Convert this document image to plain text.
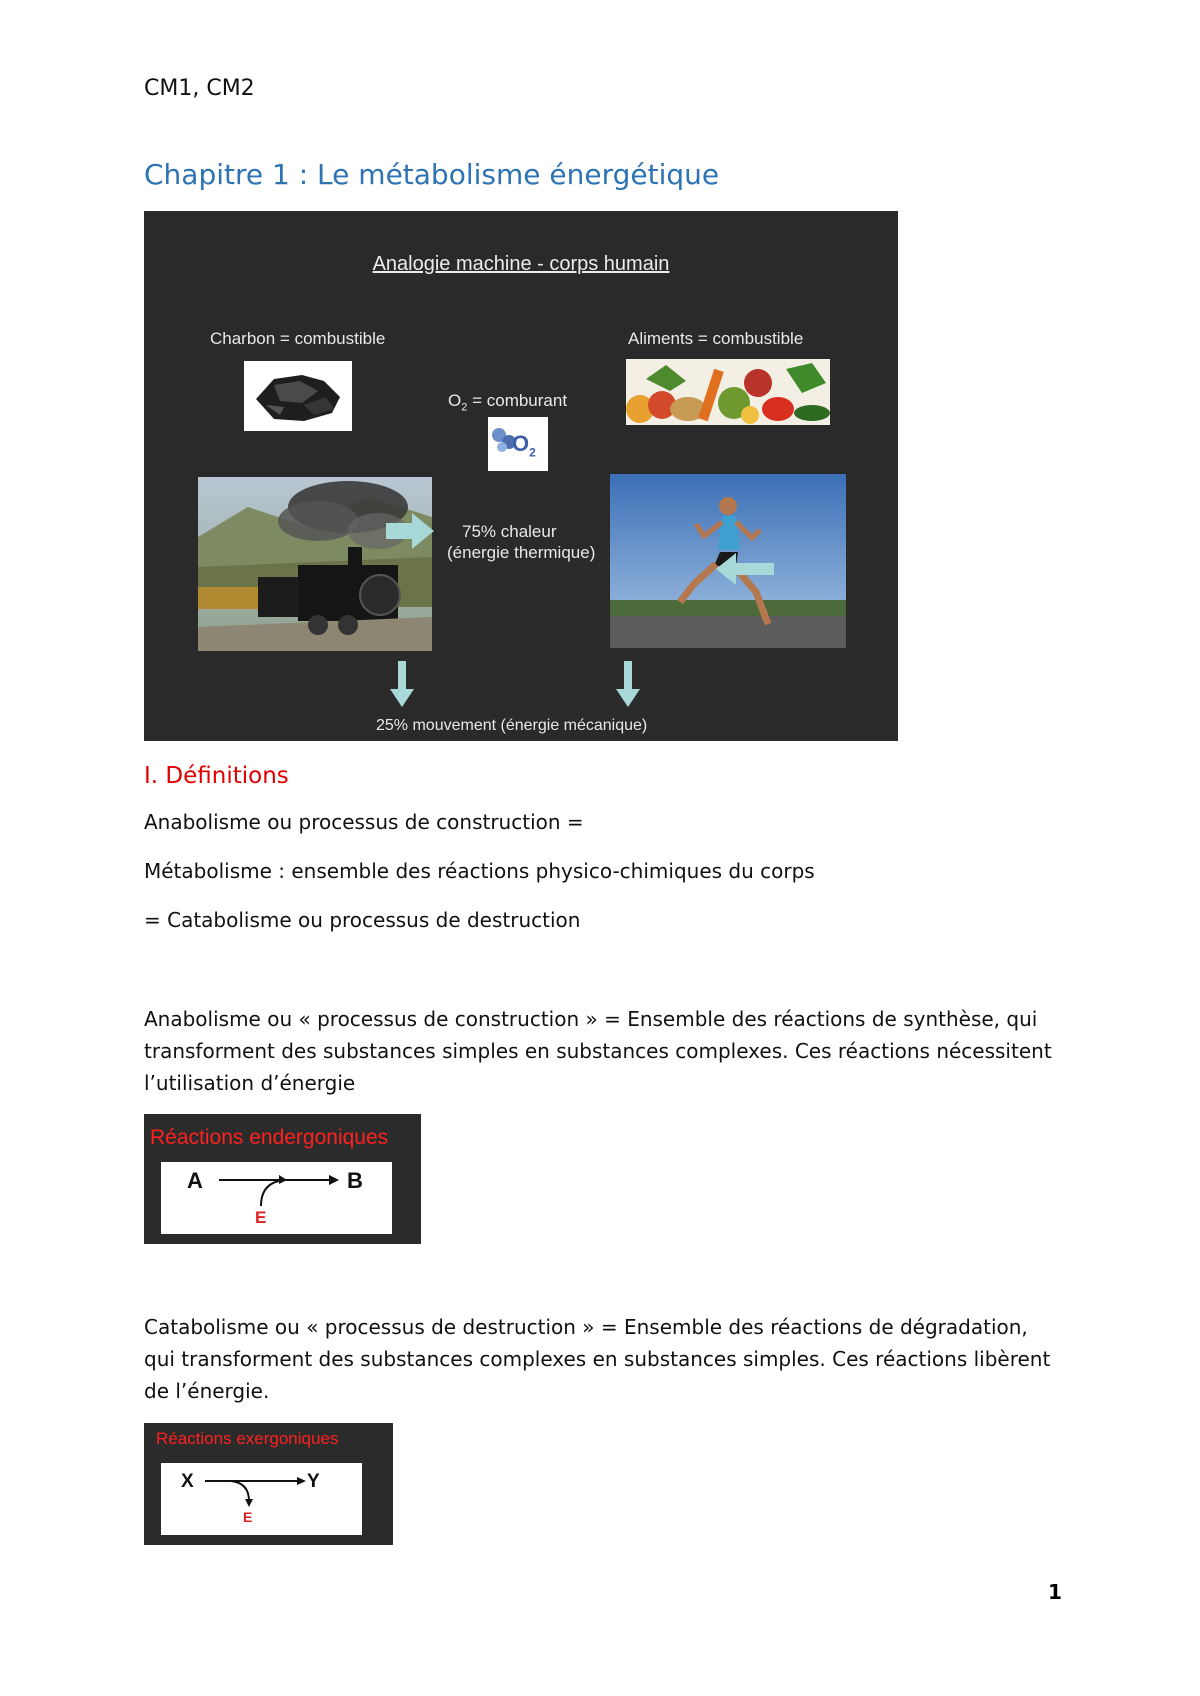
CM1, CM2
Chapitre 1 : Le métabolisme énergétique
Analogie machine - corps humain
Charbon = combustible	Aliments = combustible
$O_2$ = comburant
$O_2$
75% chaleur
(énergie thermique)
25% mouvement (énergie mécanique)
I. Définitions
Anabolisme ou processus de construction =
Métabolisme : ensemble des réactions physico-chimiques du corps
= Catabolisme ou processus de destruction
Anabolisme ou « processus de construction » = Ensemble des réactions de synthèse, qui transforment des substances simples en substances complexes. Ces réactions nécessitent l’utilisation d’énergie
Réactions endergoniques
A	B
E
Catabolisme ou « processus de destruction » = Ensemble des réactions de dégradation, qui transforment des substances complexes en substances simples. Ces réactions libèrent de l’énergie.
Réactions exergoniques
X	Y
E
1
